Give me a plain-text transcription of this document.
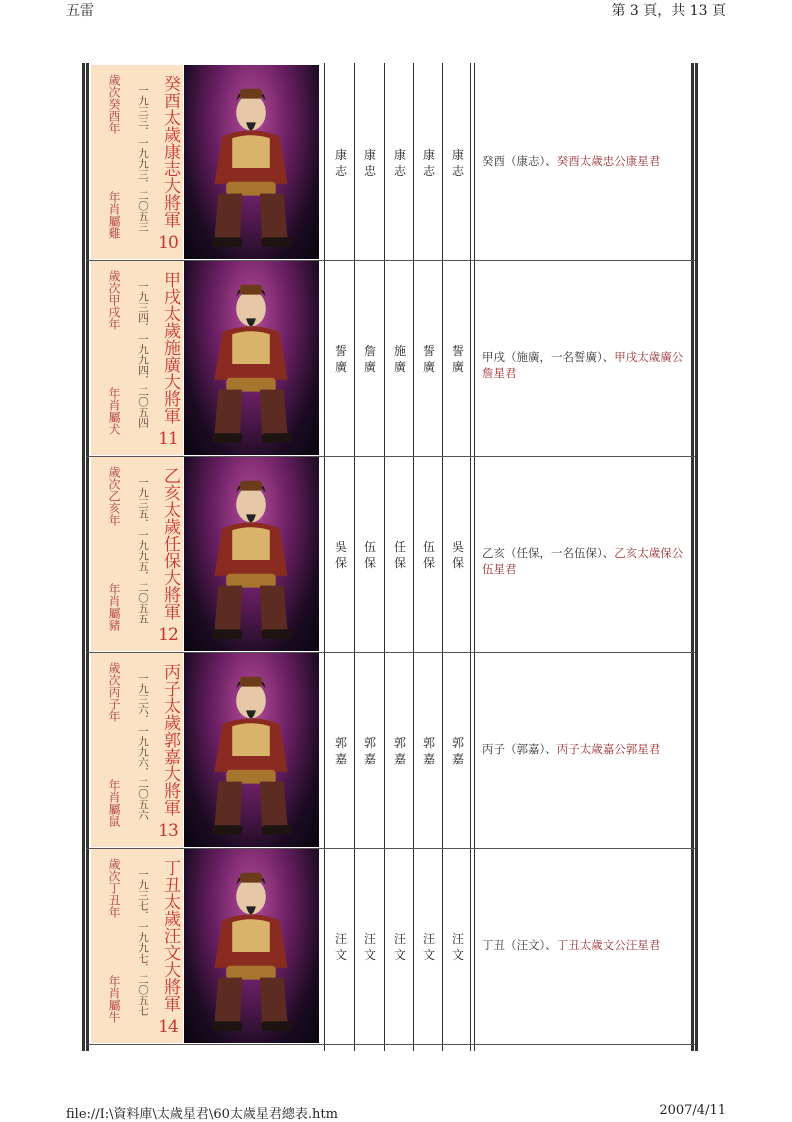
五雷	第 3 頁，共 13 頁
歲次癸酉年
年肖屬雞 一九三三．一九九三．二〇五三 癸酉太歲康志大將軍
10
康
志
康
忠
康
志
康
志
康
志
癸酉（康志）、癸酉太歲忠公康星君
歲次甲戌年
年肖屬犬 一九三四．一九九四．二〇五四 甲戌太歲施廣大將軍
11
誓
廣
詹
廣
施
廣
誓
廣
誓
廣
甲戌（施廣，一名誓廣）、甲戌太歲廣公詹星君
歲次乙亥年
年肖屬豬 一九三五．一九九五．二〇五五 乙亥太歲任保大將軍
12
吳
保
伍
保
任
保
伍
保
吳
保
乙亥（任保，一名伍保）、乙亥太歲保公伍星君
歲次丙子年
年肖屬鼠 一九三六．一九九六．二〇五六 丙子太歲郭嘉大將軍
13
郭
嘉
郭
嘉
郭
嘉
郭
嘉
郭
嘉
丙子（郭嘉）、丙子太歲嘉公郭星君
歲次丁丑年
年肖屬牛 一九三七．一九九七．二〇五七 丁丑太歲汪文大將軍
14
汪
文
汪
文
汪
文
汪
文
汪
文
丁丑（汪文）、丁丑太歲文公汪星君
file://I:\資料庫\太歲星君\60太歲星君總表.htm	2007/4/11
